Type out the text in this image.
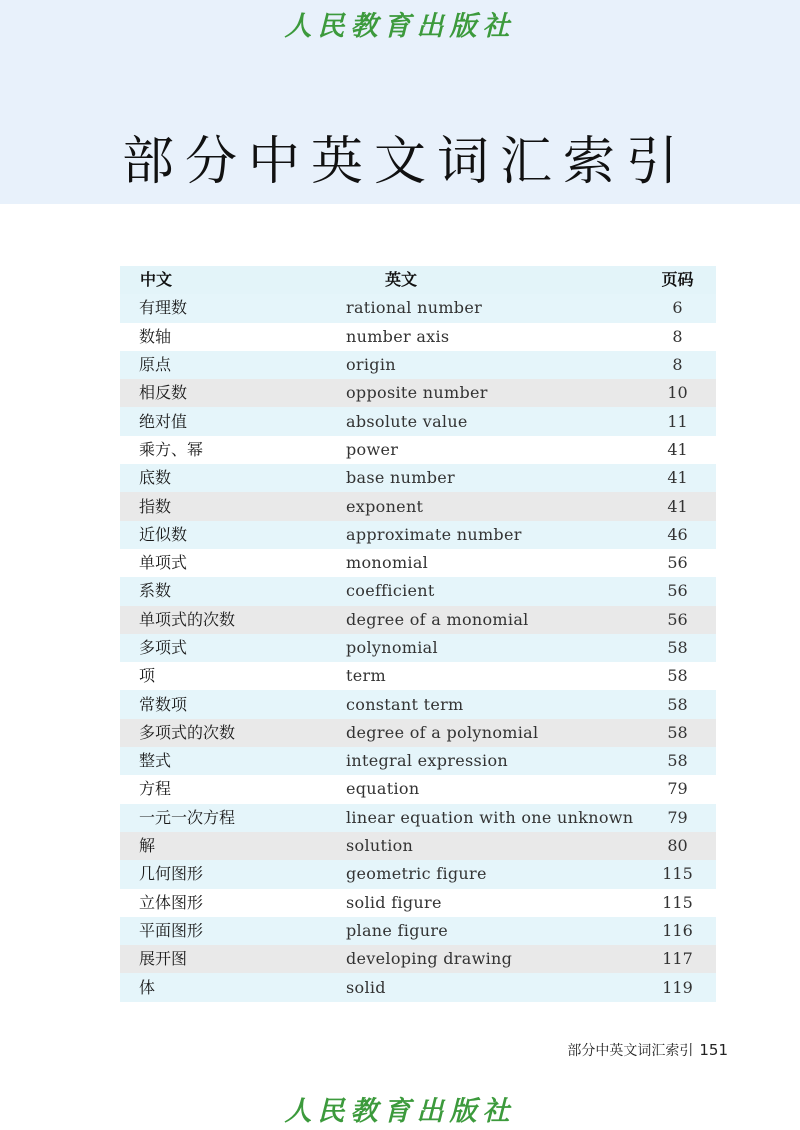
人民教育出版社
部分中英文词汇索引
中文	英文	页码
有理数	rational number	6
数轴	number axis	8
原点	origin	8
相反数	opposite number	10
绝对值	absolute value	11
乘方、幂	power	41
底数	base number	41
指数	exponent	41
近似数	approximate number	46
单项式	monomial	56
系数	coefficient	56
单项式的次数	degree of a monomial	56
多项式	polynomial	58
项	term	58
常数项	constant term	58
多项式的次数	degree of a polynomial	58
整式	integral expression	58
方程	equation	79
一元一次方程	linear equation with one unknown	79
解	solution	80
几何图形	geometric figure	115
立体图形	solid figure	115
平面图形	plane figure	116
展开图	developing drawing	117
体	solid	119
部分中英文词汇索引 151
人民教育出版社
